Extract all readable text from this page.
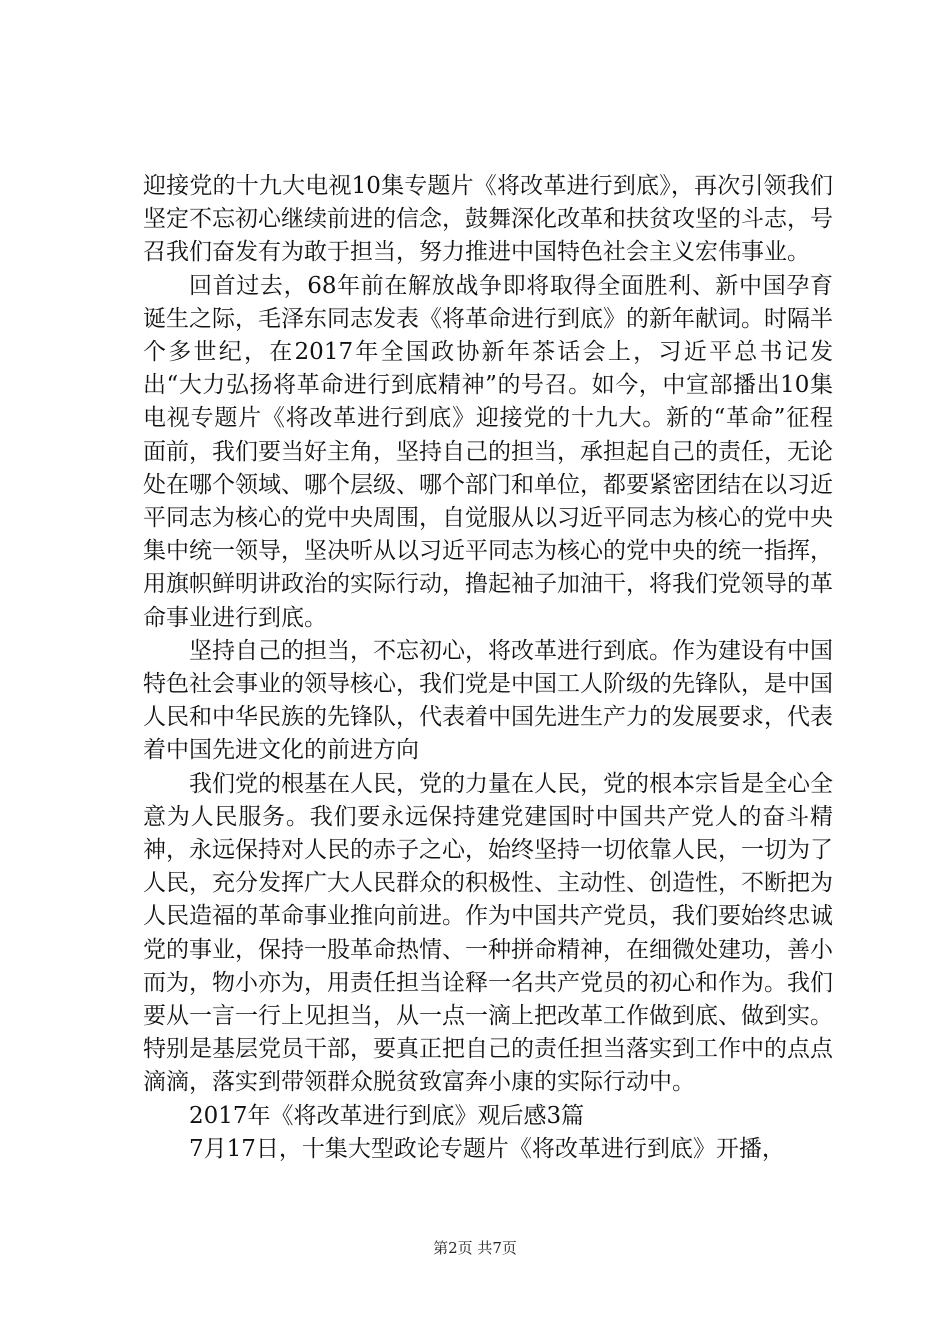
迎接党的十九大电视10集专题片《将改革进行到底》，再次引领我们坚定不忘初心继续前进的信念，鼓舞深化改革和扶贫攻坚的斗志，号召我们奋发有为敢于担当，努力推进中国特色社会主义宏伟事业。

回首过去，68年前在解放战争即将取得全面胜利、新中国孕育诞生之际，毛泽东同志发表《将革命进行到底》的新年献词。时隔半个多世纪，在2017年全国政协新年茶话会上，习近平总书记发出“大力弘扬将革命进行到底精神”的号召。如今，中宣部播出10集电视专题片《将改革进行到底》迎接党的十九大。新的“革命”征程面前，我们要当好主角，坚持自己的担当，承担起自己的责任，无论处在哪个领域、哪个层级、哪个部门和单位，都要紧密团结在以习近平同志为核心的党中央周围，自觉服从以习近平同志为核心的党中央集中统一领导，坚决听从以习近平同志为核心的党中央的统一指挥，用旗帜鲜明讲政治的实际行动，撸起袖子加油干，将我们党领导的革命事业进行到底。

坚持自己的担当，不忘初心，将改革进行到底。作为建设有中国特色社会事业的领导核心，我们党是中国工人阶级的先锋队，是中国人民和中华民族的先锋队，代表着中国先进生产力的发展要求，代表着中国先进文化的前进方向

我们党的根基在人民，党的力量在人民，党的根本宗旨是全心全意为人民服务。我们要永远保持建党建国时中国共产党人的奋斗精神，永远保持对人民的赤子之心，始终坚持一切依靠人民，一切为了人民，充分发挥广大人民群众的积极性、主动性、创造性，不断把为人民造福的革命事业推向前进。作为中国共产党员，我们要始终忠诚党的事业，保持一股革命热情、一种拼命精神，在细微处建功，善小而为，物小亦为，用责任担当诠释一名共产党员的初心和作为。我们要从一言一行上见担当，从一点一滴上把改革工作做到底、做到实。特别是基层党员干部，要真正把自己的责任担当落实到工作中的点点滴滴，落实到带领群众脱贫致富奔小康的实际行动中。

2017年《将改革进行到底》观后感3篇

7月17日，十集大型政论专题片《将改革进行到底》开播，

第2页 共7页
